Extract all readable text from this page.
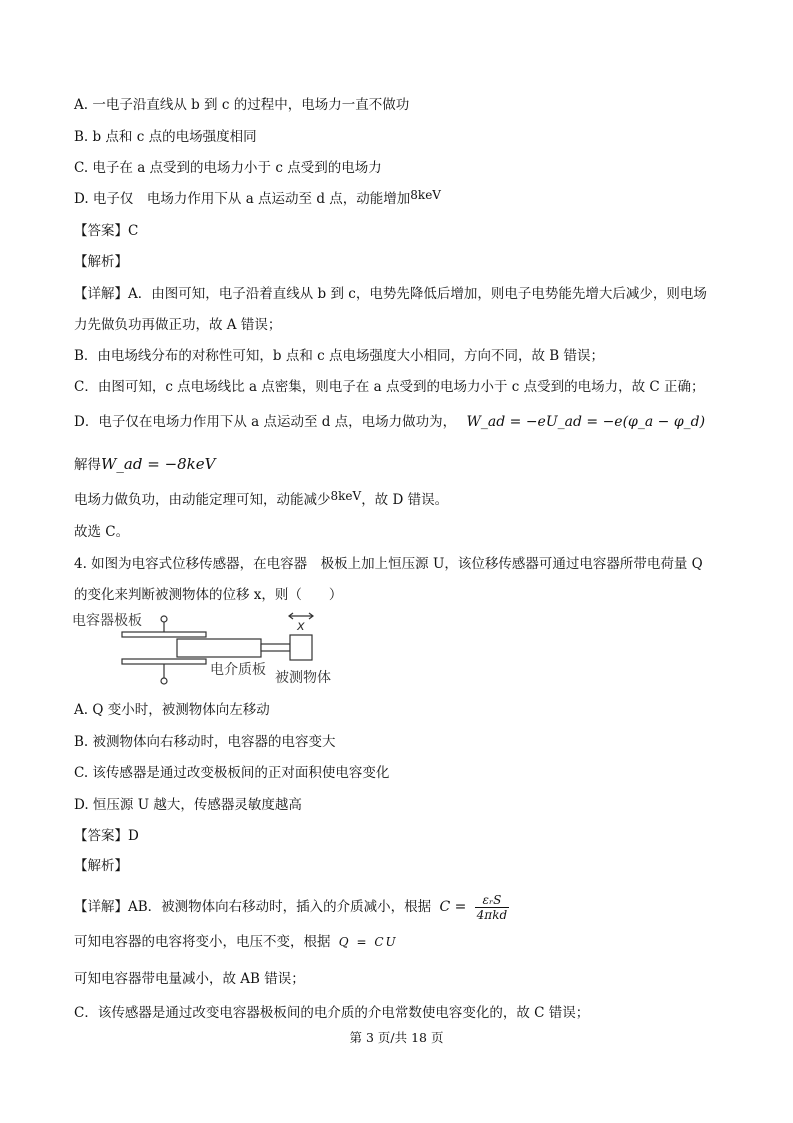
A. 一电子沿直线从 b 到 c 的过程中，电场力一直不做功
B. b 点和 c 点的电场强度相同
C. 电子在 a 点受到的电场力小于 c 点受到的电场力
D. 电子仅　电场力作用下从 a 点运动至 d 点，动能增加8keV
【答案】C
【解析】
【详解】A．由图可知，电子沿着直线从 b 到 c，电势先降低后增加，则电子电势能先增大后减少，则电场
力先做负功再做正功，故 A 错误；
B．由电场线分布的对称性可知，b 点和 c 点电场强度大小相同，方向不同，故 B 错误；
C．由图可知，c 点电场线比 a 点密集，则电子在 a 点受到的电场力小于 c 点受到的电场力，故 C 正确；
D．电子仅在电场力作用下从 a 点运动至 d 点，电场力做功为， W_ad = −eU_ad = −e(φ_a − φ_d)
解得W_ad = −8keV
电场力做负功，由动能定理可知，动能减少8keV，故 D 错误。
故选 C。
4. 如图为电容式位移传感器，在电容器　极板上加上恒压源 U，该位移传感器可通过电容器所带电荷量 Q
的变化来判断被测物体的位移 x，则（　　）
电容器极板	x
电介质板 被测物体
A. Q 变小时，被测物体向左移动
B. 被测物体向右移动时，电容器的电容变大
C. 该传感器是通过改变极板间的正对面积使电容变化
D. 恒压源 U 越大，传感器灵敏度越高
【答案】D
【解析】
【详解】AB．被测物体向右移动时，插入的介质减小，根据 C =	εᵣS
4πkd
可知电容器的电容将变小，电压不变，根据 Q = CU
可知电容器带电量减小，故 AB 错误；
C．该传感器是通过改变电容器极板间的电介质的介电常数使电容变化的，故 C 错误；
第 3 页/共 18 页
